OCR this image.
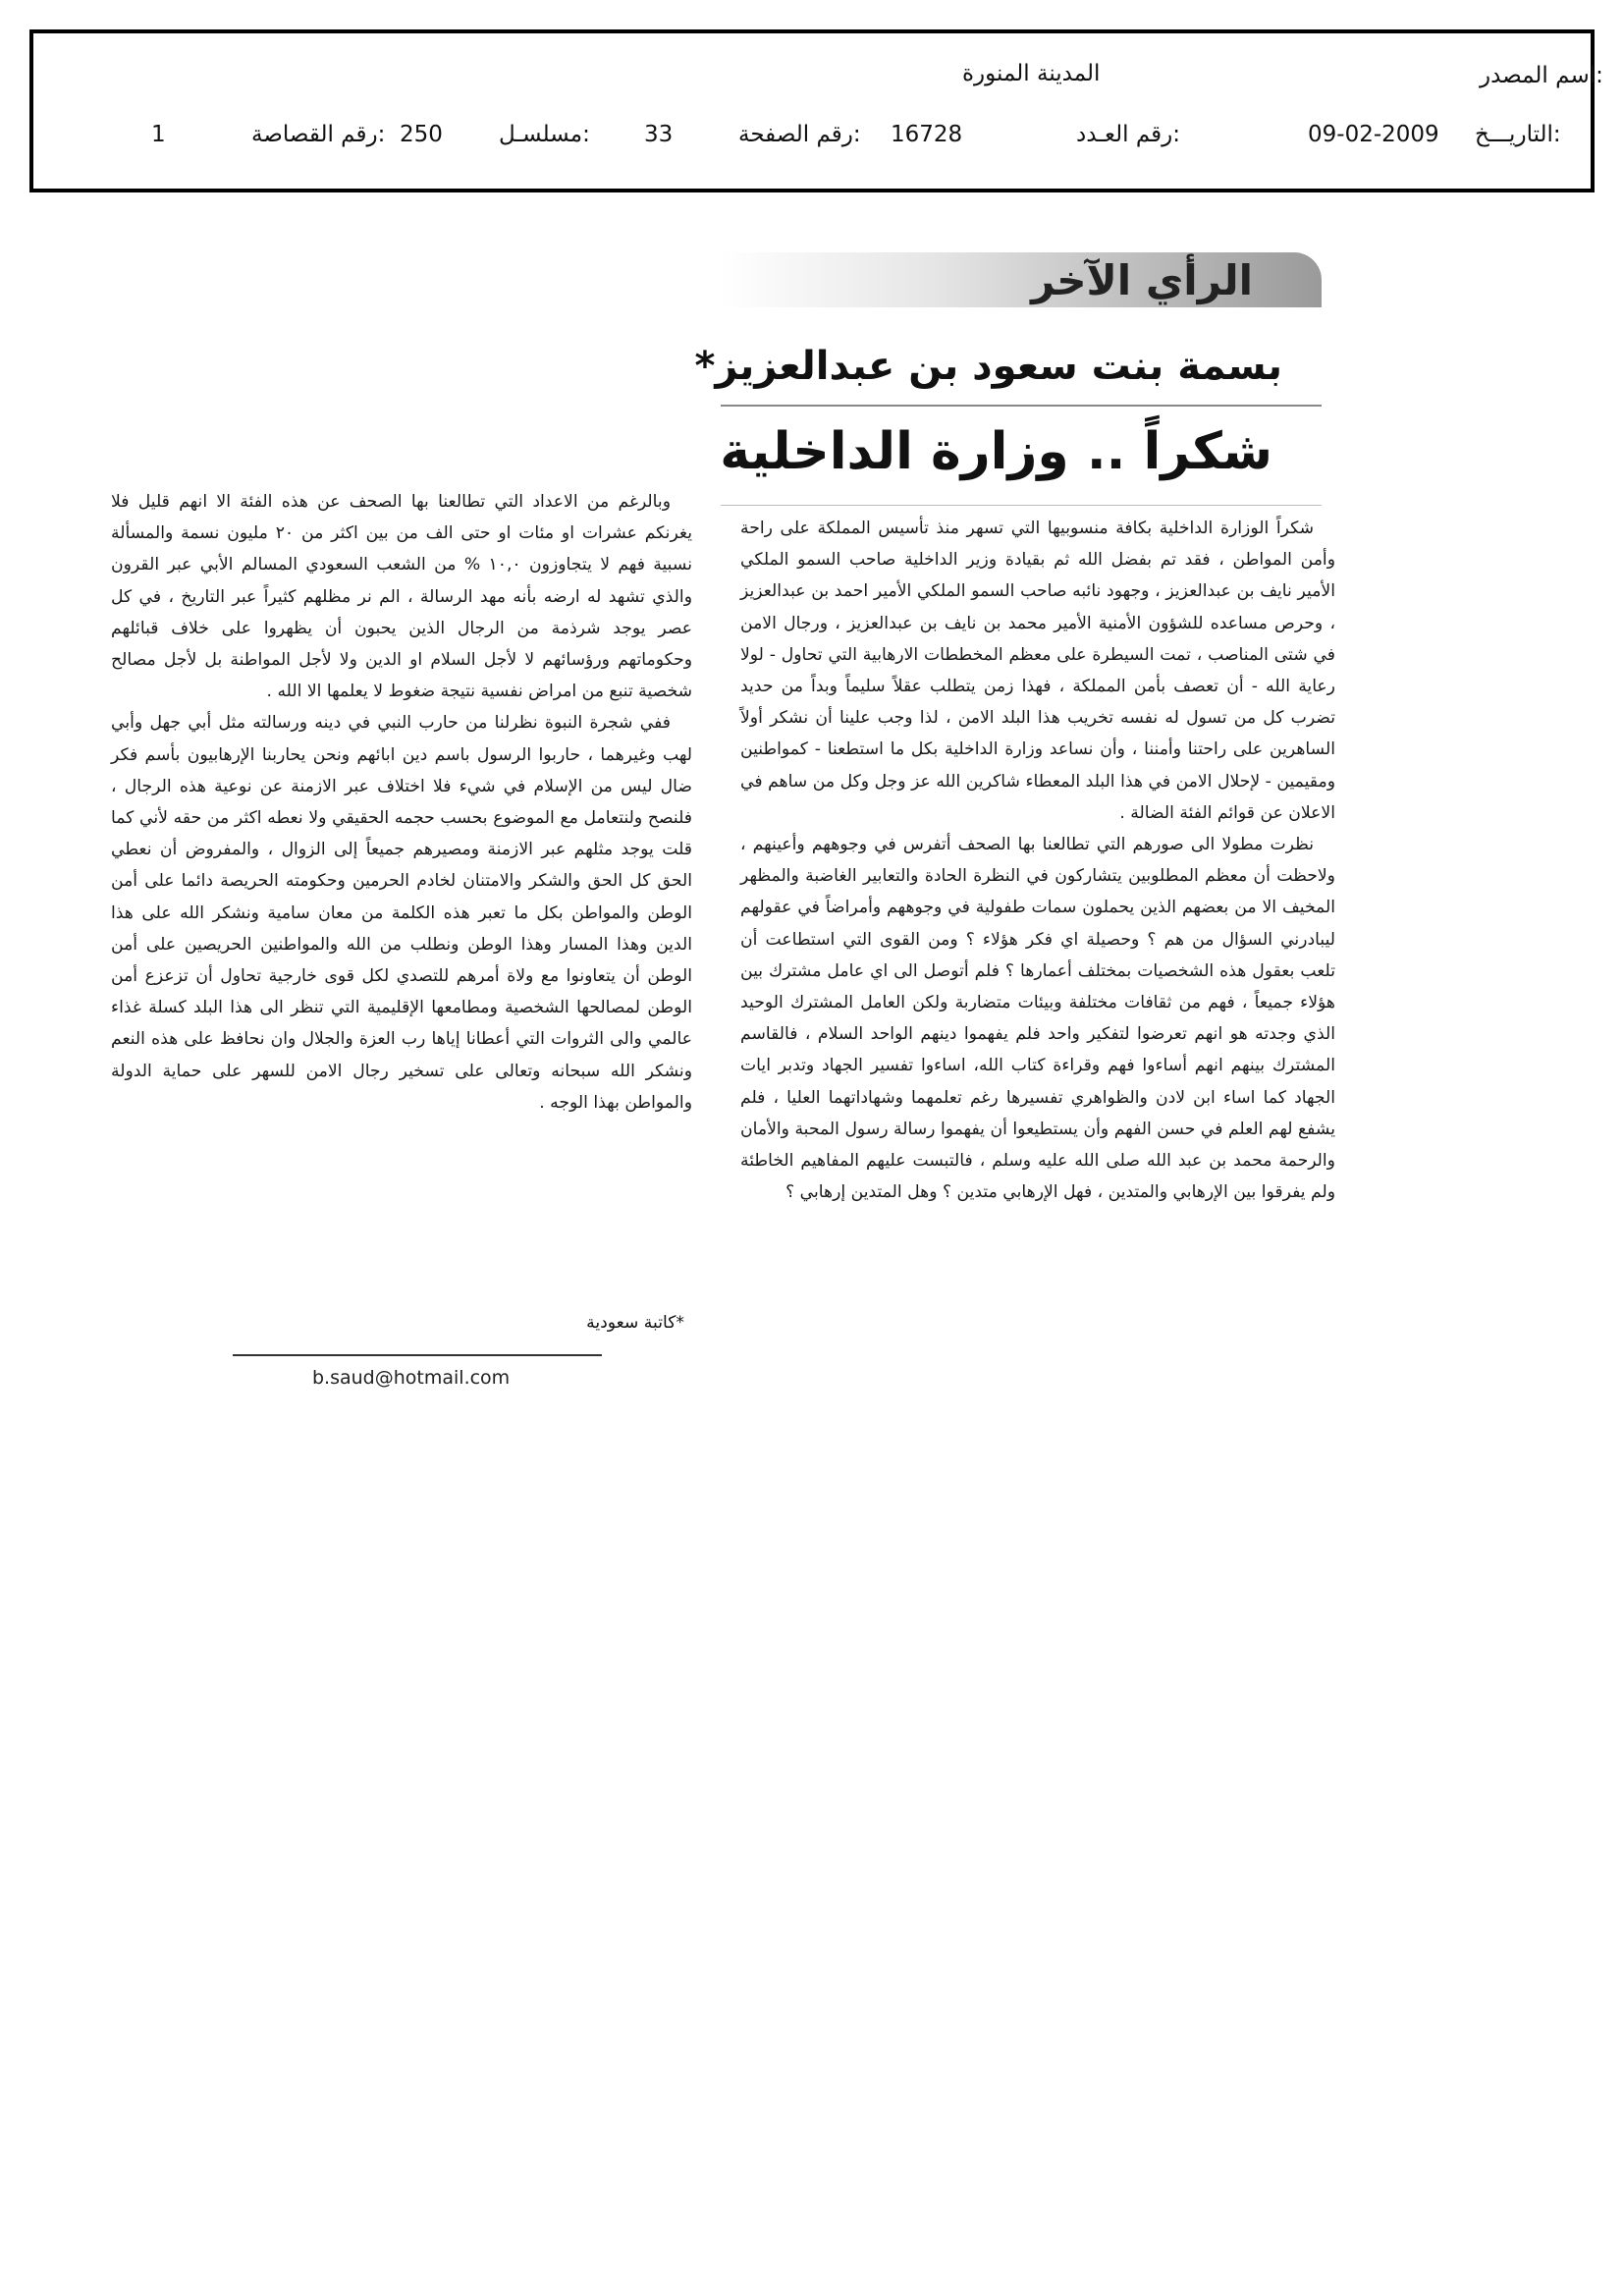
اسم المصدر:
المدينة المنورة
التاريـــخ:
09-02-2009
رقم العـدد:
16728
رقم الصفحة:
33
مسلسـل:
250
رقم القصاصة:
1
الرأي الآخر
بسمة بنت سعود بن عبدالعزيز*
شكراً .. وزارة الداخلية

شكراً الوزارة الداخلية بكافة منسوبيها التي تسهر منذ تأسيس المملكة على راحة وأمن المواطن ، فقد تم بفضل الله ثم بقيادة وزير الداخلية صاحب السمو الملكي الأمير نايف بن عبدالعزيز ، وجهود نائبه صاحب السمو الملكي الأمير احمد بن عبدالعزيز ، وحرص مساعده للشؤون الأمنية الأمير محمد بن نايف بن عبدالعزيز ، ورجال الامن في شتى المناصب ، تمت السيطرة على معظم المخططات الارهابية التي تحاول - لولا رعاية الله - أن تعصف بأمن المملكة ، فهذا زمن يتطلب عقلاً سليماً وبداً من حديد تضرب كل من تسول له نفسه تخريب هذا البلد الامن ، لذا وجب علينا أن نشكر أولاً الساهرين على راحتنا وأمننا ، وأن نساعد وزارة الداخلية بكل ما استطعنا - كمواطنين ومقيمين - لإحلال الامن في هذا البلد المعطاء شاكرين الله عز وجل وكل من ساهم في الاعلان عن قوائم الفئة الضالة .

نظرت مطولا الى صورهم التي تطالعنا بها الصحف أتفرس في وجوههم وأعينهم ، ولاحظت أن معظم المطلوبين يتشاركون في النظرة الحادة والتعابير الغاضبة والمظهر المخيف الا من بعضهم الذين يحملون سمات طفولية في وجوههم وأمراضاً في عقولهم ليبادرني السؤال من هم ؟ وحصيلة اي فكر هؤلاء ؟ ومن القوى التي استطاعت أن تلعب بعقول هذه الشخصيات بمختلف أعمارها ؟ فلم أتوصل الى اي عامل مشترك بين هؤلاء جميعاً ، فهم من ثقافات مختلفة وبيئات متضاربة ولكن العامل المشترك الوحيد الذي وجدته هو انهم تعرضوا لتفكير واحد فلم يفهموا دينهم الواحد السلام ، فالقاسم المشترك بينهم انهم أساءوا فهم وقراءة كتاب الله، اساءوا تفسير الجهاد وتدبر ايات الجهاد كما اساء ابن لادن والظواهري تفسيرها رغم تعلمهما وشهاداتهما العليا ، فلم يشفع لهم العلم في حسن الفهم وأن يستطيعوا أن يفهموا رسالة رسول المحبة والأمان والرحمة محمد بن عبد الله صلى الله عليه وسلم ، فالتبست عليهم المفاهيم الخاطئة ولم يفرقوا بين الإرهابي والمتدين ، فهل الإرهابي متدين ؟ وهل المتدين إرهابي ؟

وبالرغم من الاعداد التي تطالعنا بها الصحف عن هذه الفئة الا انهم قليل فلا يغرنكم عشرات او مئات او حتى الف من بين اكثر من ٢٠ مليون نسمة والمسألة نسبية فهم لا يتجاوزون ١٠,٠ % من الشعب السعودي المسالم الأبي عبر القرون والذي تشهد له ارضه بأنه مهد الرسالة ، الم نر مظلهم كثيراً عبر التاريخ ، في كل عصر يوجد شرذمة من الرجال الذين يحبون أن يظهروا على خلاف قبائلهم وحكوماتهم ورؤسائهم لا لأجل السلام او الدين ولا لأجل المواطنة بل لأجل مصالح شخصية تنبع من امراض نفسية نتيجة ضغوط لا يعلمها الا الله .

ففي شجرة النبوة نظرلنا من حارب النبي في دينه ورسالته مثل أبي جهل وأبي لهب وغيرهما ، حاربوا الرسول باسم دين ابائهم ونحن يحاربنا الإرهابيون بأسم فكر ضال ليس من الإسلام في شيء فلا اختلاف عبر الازمنة عن نوعية هذه الرجال ، فلنصح ولنتعامل مع الموضوع بحسب حجمه الحقيقي ولا نعطه اكثر من حقه لأني كما قلت يوجد مثلهم عبر الازمنة ومصيرهم جميعاً إلى الزوال ، والمفروض أن نعطي الحق كل الحق والشكر والامتنان لخادم الحرمين وحكومته الحريصة دائما على أمن الوطن والمواطن بكل ما تعبر هذه الكلمة من معان سامية ونشكر الله على هذا الدين وهذا المسار وهذا الوطن ونطلب من الله والمواطنين الحريصين على أمن الوطن أن يتعاونوا مع ولاة أمرهم للتصدي لكل قوى خارجية تحاول أن تزعزع أمن الوطن لمصالحها الشخصية ومطامعها الإقليمية التي تنظر الى هذا البلد كسلة غذاء عالمي والى الثروات التي أعطانا إياها رب العزة والجلال وان نحافظ على هذه النعم ونشكر الله سبحانه وتعالى على تسخير رجال الامن للسهر على حماية الدولة والمواطن بهذا الوجه .

*كاتبة سعودية
b.saud@hotmail.com
